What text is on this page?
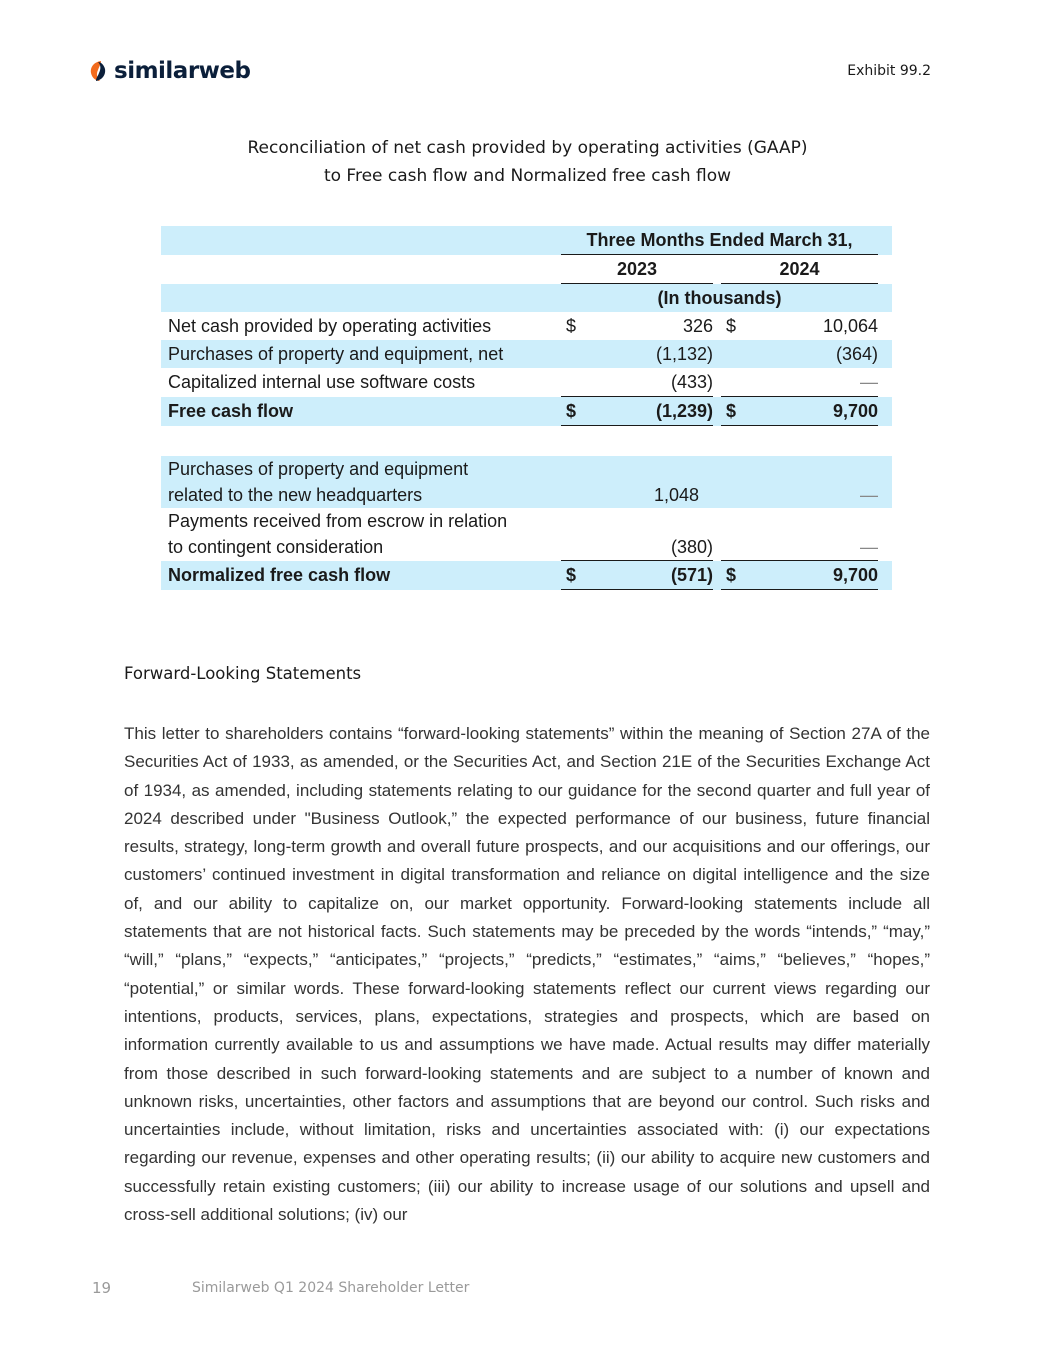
similarweb	Exhibit 99.2
Reconciliation of net cash provided by operating activities (GAAP)
to Free cash flow and Normalized free cash flow
		Three Months Ended March 31,					
		2023			2024		
		(In thousands)					
Net cash provided by operating activities		$	326		$	10,064	
Purchases of property and equipment, net			(1,132)			(364)	
Capitalized internal use software costs			(433)			—	
Free cash flow		$	(1,239)		$	9,700	

Purchases of property and equipment
related to the new headquarters			1,048			—	

Payments received from escrow in relation
to contingent consideration			(380)			—	
Normalized free cash flow		$	(571)		$	9,700	
Forward-Looking Statements

This letter to shareholders contains “forward-looking statements” within the meaning of Section 27A of the Securities Act of 1933, as amended, or the Securities Act, and Section 21E of the Securities Exchange Act of 1934, as amended, including statements relating to our guidance for the second quarter and full year of 2024 described under "Business Outlook,” the expected performance of our business, future financial results, strategy, long-term growth and overall future prospects, and our acquisitions and our offerings, our customers’ continued investment in digital transformation and reliance on digital intelligence and the size of, and our ability to capitalize on, our market opportunity. Forward-looking statements include all statements that are not historical facts. Such statements may be preceded by the words “intends,” “may,” “will,” “plans,” “expects,” “anticipates,” “projects,” “predicts,” “estimates,” “aims,” “believes,” “hopes,” “potential,” or similar words. These forward-looking statements reflect our current views regarding our intentions, products, services, plans, expectations, strategies and prospects, which are based on information currently available to us and assumptions we have made. Actual results may differ materially from those described in such forward-looking statements and are subject to a number of known and unknown risks, uncertainties, other factors and assumptions that are beyond our control. Such risks and uncertainties include, without limitation, risks and uncertainties associated with: (i) our expectations regarding our revenue, expenses and other operating results; (ii) our ability to acquire new customers and successfully retain existing customers; (iii) our ability to increase usage of our solutions and upsell and cross-sell additional solutions; (iv) our

19	Similarweb Q1 2024 Shareholder Letter
